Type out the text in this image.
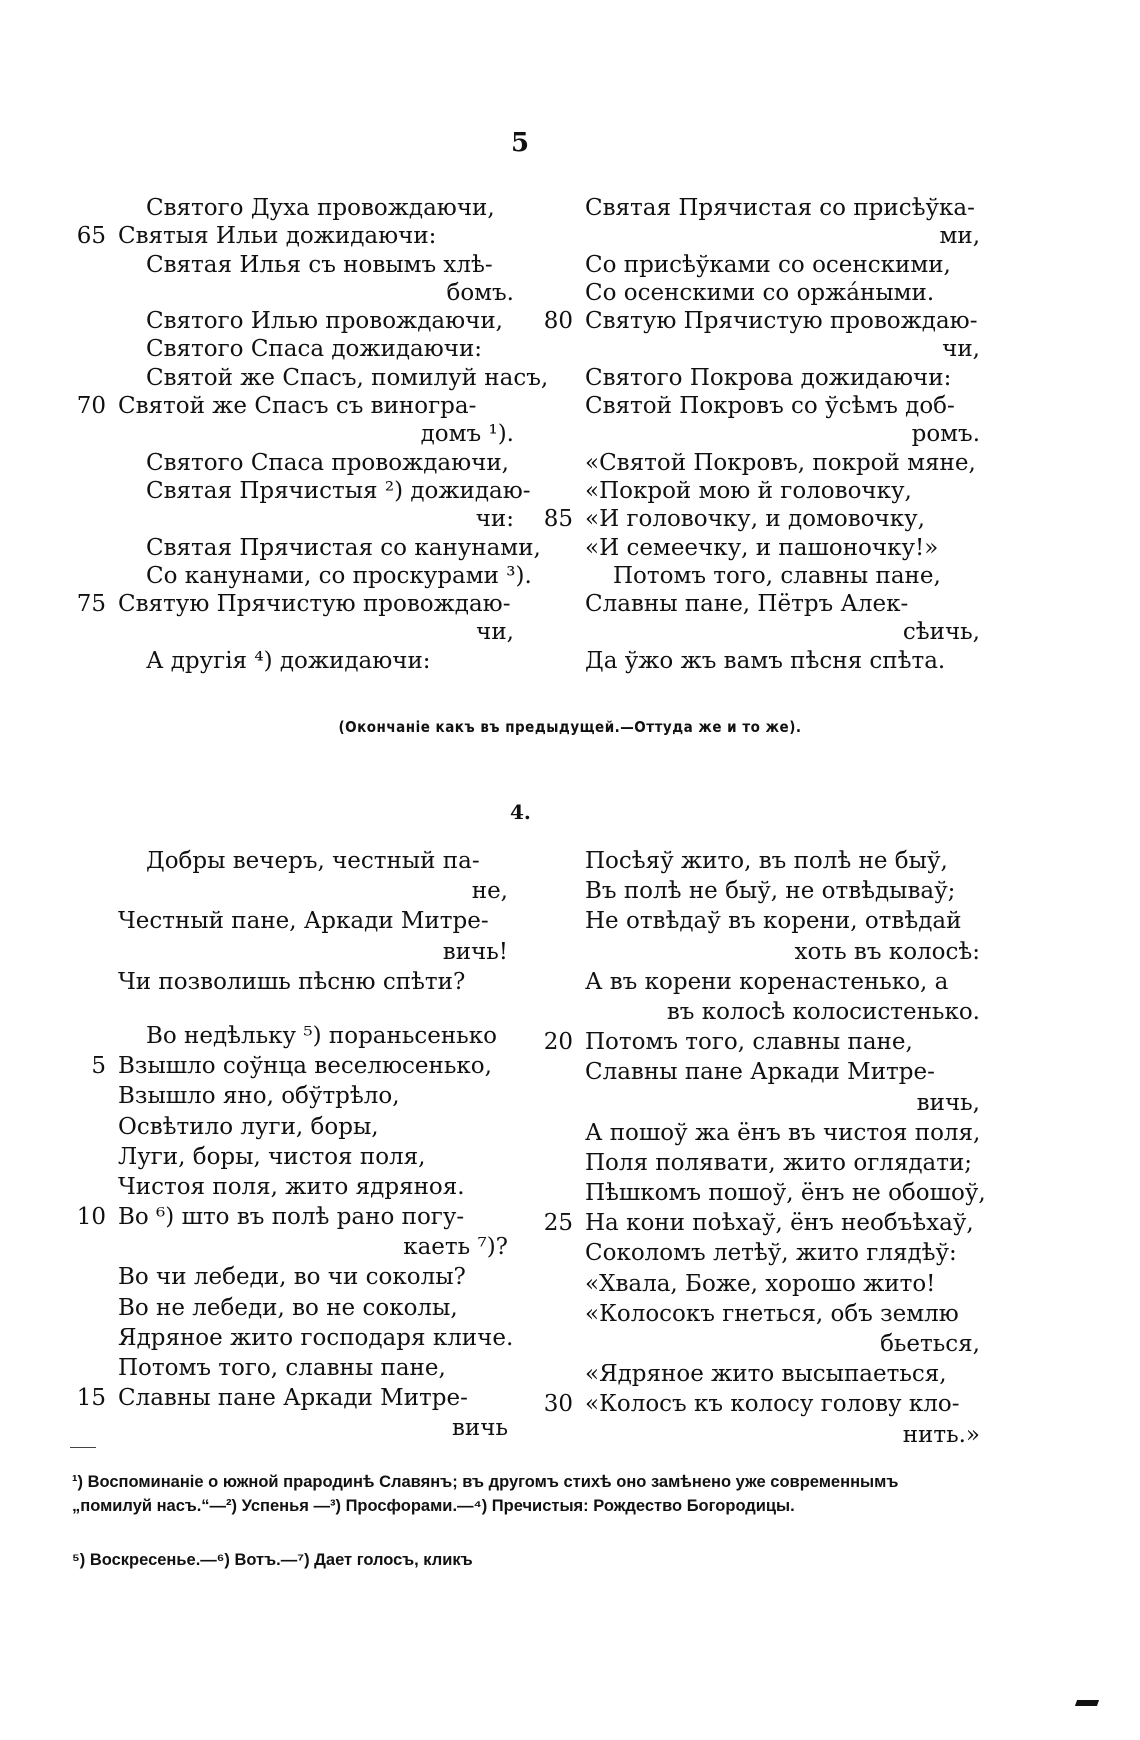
5
Святого Духа провождаючи,
65 Святыя Ильи дожидаючи:
Святая Илья съ новымъ хлѣ-
бомъ.
Святого Илью провождаючи,
Святого Спаса дожидаючи:
Святой же Спасъ, помилуй насъ,
70 Святой же Спасъ съ виногра-
домъ ¹).
Святого Спаса провождаючи,
Святая Прячистыя ²) дожидаю-
чи:
Святая Прячистая со канунами,
Со канунами, со проскурами ³).
75 Святую Прячистую провождаю-
чи,
А другія ⁴) дожидаючи:
Святая Прячистая со присѣўка-
ми,
Со присѣўками со осенскими,
Со осенскими со оржáными.
80 Святую Прячистую провождаю-
чи,
Святого Покрова дожидаючи:
Святой Покровъ со ўсѣмъ доб-
ромъ.
«Святой Покровъ, покрой мяне,
«Покрой мою й головочку,
85 «И головочку, и домовочку,
«И семеечку, и пашоночку!»
Потомъ того, славны пане,
Славны пане, Пётръ Алек-
сѣичь,
Да ўжо жъ вамъ пѣсня спѣта.
(Окончаніе какъ въ предыдущей.—Оттуда же и то же).
4.
Добры вечеръ, честный па-
не,
Честный пане, Аркади Митре-
вичь!
Чи позволишь пѣсню спѣти?
Во недѣльку ⁵) пораньсенько
5 Взышло соўнца веселюсенько,
Взышло яно, обўтрѣло,
Освѣтило луги, боры,
Луги, боры, чистоя поля,
Чистоя поля, жито ядряноя.
10 Во ⁶) што въ полѣ рано погу-
каеть ⁷)?
Во чи лебеди, во чи соколы?
Во не лебеди, во не соколы,
Ядряное жито господаря кличе.
Потомъ того, славны пане,
15 Славны пане Аркади Митре-
вичь
Посѣяў жито, въ полѣ не быў,
Въ полѣ не быў, не отвѣдываў;
Не отвѣдаў въ корени, отвѣдай
хоть въ колосѣ:
А въ корени коренастенько, а
въ колосѣ колосистенько.
20 Потомъ того, славны пане,
Славны пане Аркади Митре-
вичь,
А пошоў жа ёнъ въ чистоя поля,
Поля полявати, жито оглядати;
Пѣшкомъ пошоў, ёнъ не обошоў,
25 На кони поѣхаў, ёнъ необъѣхаў,
Соколомъ летѣў, жито глядѣў:
«Хвала, Боже, хорошо жито!
«Колосокъ гнеться, объ землю
бьеться,
«Ядряное жито высыпаеться,
30 «Колосъ къ колосу голову кло-
нить.»
¹) Воспоминаніе о южной прародинѣ Славянъ; въ другомъ стихѣ оно замѣнено уже современнымъ „помилуй насъ.“—²) Успенья —³) Просфорами.—⁴) Пречистыя: Рождество Богородицы.
⁵) Воскресенье.—⁶) Вотъ.—⁷) Дает голосъ, кликъ
